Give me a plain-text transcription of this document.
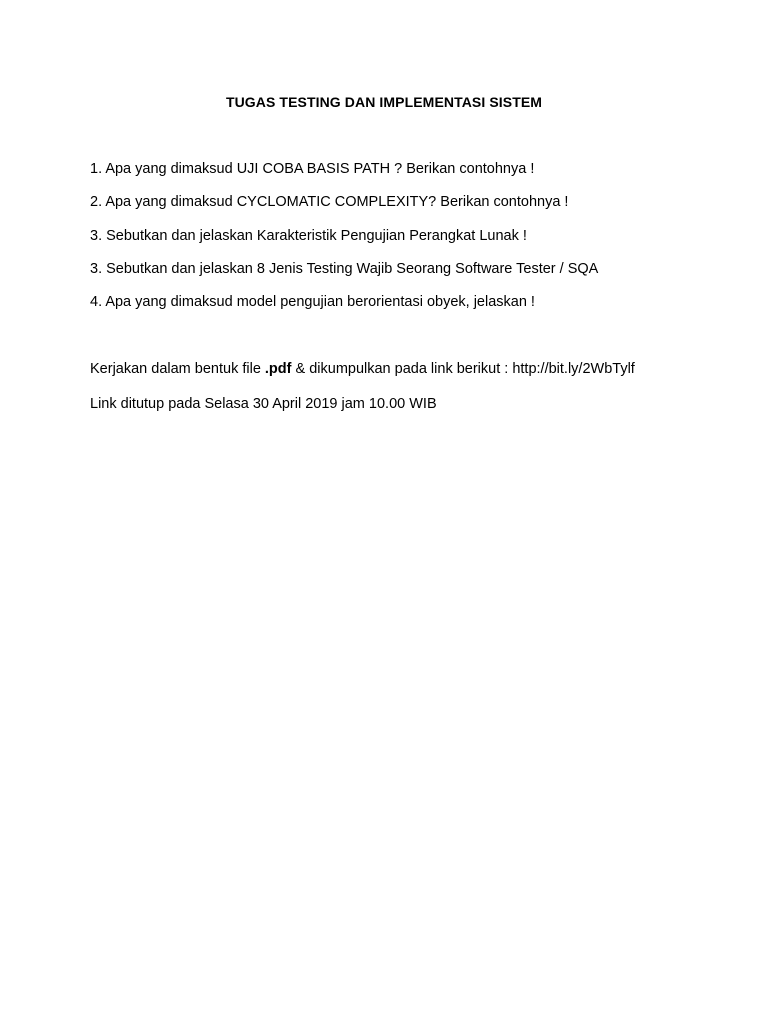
TUGAS TESTING DAN IMPLEMENTASI SISTEM
1. Apa yang dimaksud UJI COBA BASIS PATH ? Berikan contohnya !
2. Apa yang dimaksud CYCLOMATIC COMPLEXITY? Berikan contohnya !
3. Sebutkan dan jelaskan Karakteristik Pengujian Perangkat Lunak !
3. Sebutkan dan jelaskan 8 Jenis Testing Wajib Seorang Software Tester / SQA
4. Apa yang dimaksud model pengujian berorientasi obyek, jelaskan !
Kerjakan dalam bentuk file .pdf & dikumpulkan pada link berikut : http://bit.ly/2WbTylf
Link ditutup pada Selasa 30 April 2019 jam 10.00 WIB
